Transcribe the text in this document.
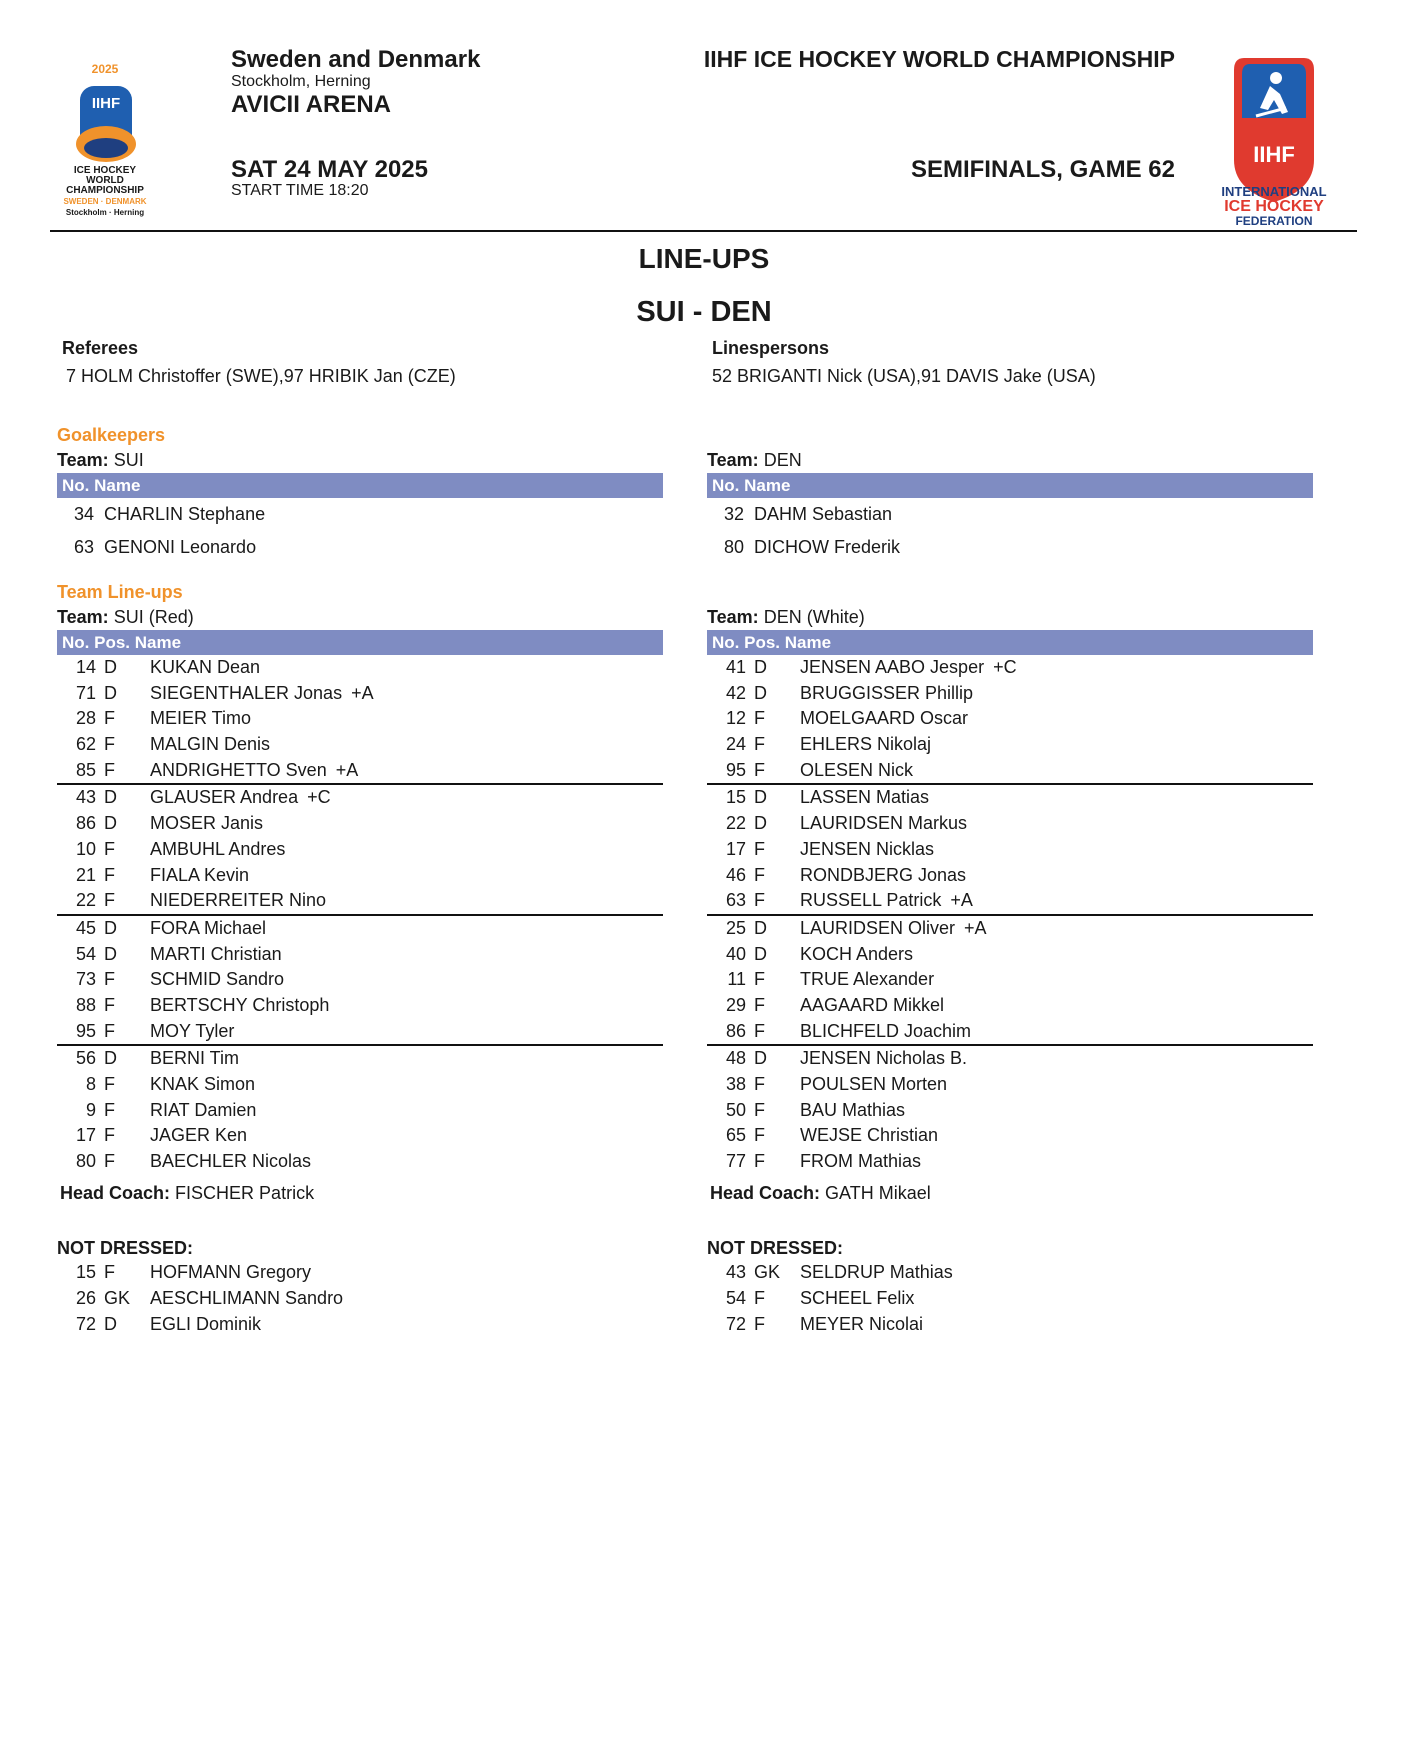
IIHF
2025
ICE HOCKEY
WORLD
CHAMPIONSHIP
SWEDEN · DENMARK
Stockholm · Herning
Sweden and Denmark
Stockholm, Herning
AVICII ARENA
SAT 24 MAY 2025
START TIME 18:20
IIHF ICE HOCKEY WORLD CHAMPIONSHIP
SEMIFINALS, GAME 62
IIHF
INTERNATIONAL
ICE HOCKEY
FEDERATION
LINE-UPS
SUI - DEN
Referees
7 HOLM Christoffer (SWE),97 HRIBIK Jan (CZE)
Linespersons
52 BRIGANTI Nick (USA),91 DAVIS Jake (USA)
Goalkeepers
Team: SUI
No. Name
34 CHARLIN Stephane
63 GENONI Leonardo
Team: DEN
No. Name
32 DAHM Sebastian
80 DICHOW Frederik
Team Line-ups
Team: SUI (Red)
No. Pos. Name
14 D KUKAN Dean
71 D SIEGENTHALER Jonas +A
28 F MEIER Timo
62 F MALGIN Denis
85 F ANDRIGHETTO Sven +A
43 D GLAUSER Andrea +C
86 D MOSER Janis
10 F AMBUHL Andres
21 F FIALA Kevin
22 F NIEDERREITER Nino
45 D FORA Michael
54 D MARTI Christian
73 F SCHMID Sandro
88 F BERTSCHY Christoph
95 F MOY Tyler
56 D BERNI Tim
8 F KNAK Simon
9 F RIAT Damien
17 F JAGER Ken
80 F BAECHLER Nicolas
Head Coach: FISCHER Patrick
NOT DRESSED:
15 F HOFMANN Gregory
26 GK AESCHLIMANN Sandro
72 D EGLI Dominik
Team: DEN (White)
No. Pos. Name
41 D JENSEN AABO Jesper +C
42 D BRUGGISSER Phillip
12 F MOELGAARD Oscar
24 F EHLERS Nikolaj
95 F OLESEN Nick
15 D LASSEN Matias
22 D LAURIDSEN Markus
17 F JENSEN Nicklas
46 F RONDBJERG Jonas
63 F RUSSELL Patrick +A
25 D LAURIDSEN Oliver +A
40 D KOCH Anders
11 F TRUE Alexander
29 F AAGAARD Mikkel
86 F BLICHFELD Joachim
48 D JENSEN Nicholas B.
38 F POULSEN Morten
50 F BAU Mathias
65 F WEJSE Christian
77 F FROM Mathias
Head Coach: GATH Mikael
NOT DRESSED:
43 GK SELDRUP Mathias
54 F SCHEEL Felix
72 F MEYER Nicolai
